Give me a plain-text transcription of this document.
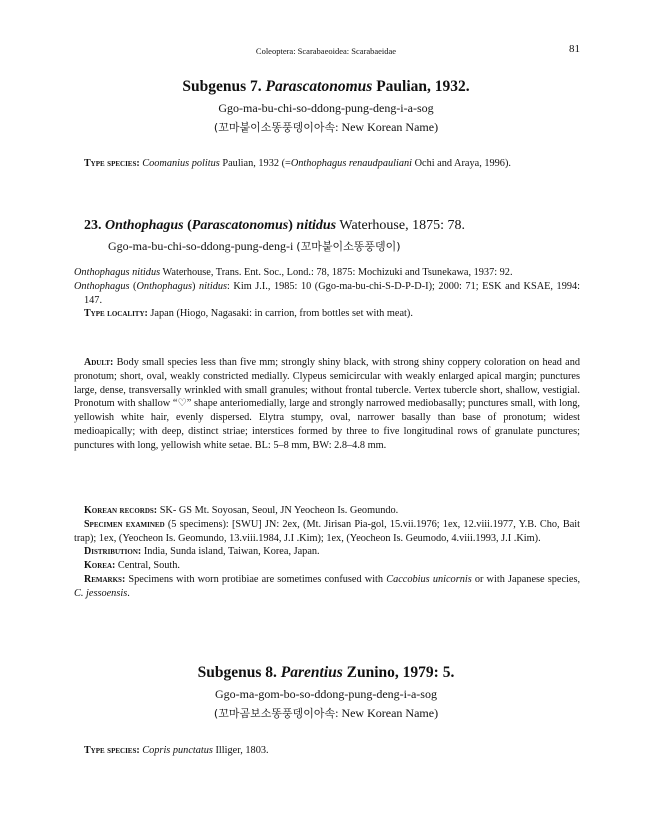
Coleoptera: Scarabaeoidea: Scarabaeidae	81
Subgenus 7. Parascatonomus Paulian, 1932.
Ggo-ma-bu-chi-so-ddong-pung-deng-i-a-sog
(꼬마붙이소똥풍뎅이아속: New Korean Name)

Type species: Coomanius politus Paulian, 1932 (=Onthophagus renaudpauliani Ochi and Araya, 1996).

23. Onthophagus (Parascatonomus) nitidus Waterhouse, 1875: 78.
Ggo-ma-bu-chi-so-ddong-pung-deng-i (꼬마붙이소똥풍뎅이)

Onthophagus nitidus Waterhouse, Trans. Ent. Soc., Lond.: 78, 1875: Mochizuki and Tsunekawa, 1937: 92.

Onthophagus (Onthophagus) nitidus: Kim J.I., 1985: 10 (Ggo-ma-bu-chi-S-D-P-D-I); 2000: 71; ESK and KSAE, 1994: 147.

Type locality: Japan (Hiogo, Nagasaki: in carrion, from bottles set with meat).

Adult: Body small species less than five mm; strongly shiny black, with strong shiny coppery coloration on head and pronotum; short, oval, weakly constricted medially. Clypeus semicircular with weakly enlarged apical margin; punctures large, dense, transversally wrinkled with small granules; without frontal tubercle. Vertex tubercle short, shallow, vestigial. Pronotum with shallow “♡” shape anteriomedially, large and strongly narrowed mediobasally; punctures small, with long, yellowish white hair, evenly dispersed. Elytra stumpy, oval, narrower basally than base of pronotum; widest medioapically; with deep, distinct striae; interstices formed by three to five longitudinal rows of granulate punctures; punctures with long, yellowish white setae. BL: 5–8 mm, BW: 2.8–4.8 mm.

Korean records: SK- GS Mt. Soyosan, Seoul, JN Yeocheon Is. Geomundo.

Specimen examined (5 specimens): [SWU] JN: 2ex, (Mt. Jirisan Pia-gol, 15.vii.1976; 1ex, 12.viii.1977, Y.B. Cho, Bait trap); 1ex, (Yeocheon Is. Geomundo, 13.viii.1984, J.I .Kim); 1ex, (Yeocheon Is. Geumodo, 4.viii.1993, J.I .Kim).

Distribution: India, Sunda island, Taiwan, Korea, Japan.

Korea: Central, South.

Remarks: Specimens with worn protibiae are sometimes confused with Caccobius unicornis or with Japanese species, C. jessoensis.

Subgenus 8. Parentius Zunino, 1979: 5.
Ggo-ma-gom-bo-so-ddong-pung-deng-i-a-sog
(꼬마곰보소똥풍뎅이아속: New Korean Name)

Type species: Copris punctatus Illiger, 1803.
